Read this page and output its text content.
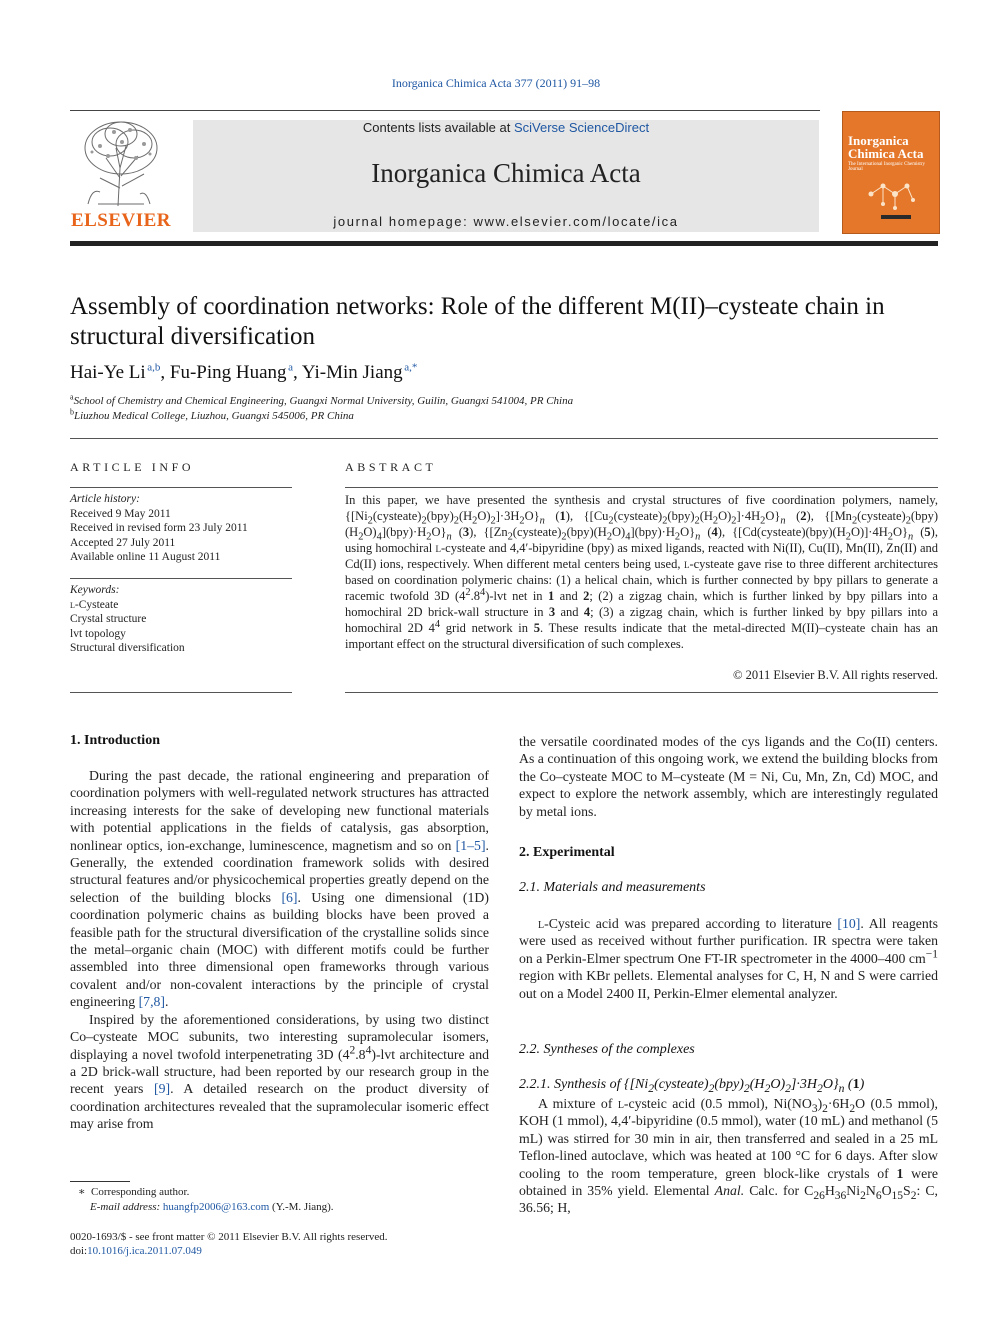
Inorganica Chimica Acta 377 (2011) 91–98
ELSEVIER
Contents lists available at SciVerse ScienceDirect
Inorganica Chimica Acta
journal homepage: www.elsevier.com/locate/ica
Inorganica Chimica Acta
The International Inorganic Chemistry Journal
Assembly of coordination networks: Role of the different M(II)–cysteate chain in structural diversification
Hai-Ye Li  $^{a,b}$, Fu-Ping Huang  $^a$, Yi-Min Jiang  $^{a,*}$
$^a$School of Chemistry and Chemical Engineering, Guangxi Normal University, Guilin, Guangxi 541004, PR China
$^b$Liuzhou Medical College, Liuzhou, Guangxi 545006, PR China
ARTICLE INFO
Article history:
Received 9 May 2011
Received in revised form 23 July 2011
Accepted 27 July 2011
Available online 11 August 2011
Keywords:
l-Cysteate
Crystal structure
lvt topology
Structural diversification
ABSTRACT
In this paper, we have presented the synthesis and crystal structures of five coordination polymers, namely, $\{[Ni_2(cysteate)_2(bpy)_2(H_2O)_2]\cdot 3H_2O\}_n$ (1), $\{[Cu_2(cysteate)_2(bpy)_2(H_2O)_2]\cdot 4H_2O\}_n$ (2), $\{[Mn_2(cysteate)_2(bpy)(H_2O)_4](bpy)\cdot H_2O\}_n$ (3), $\{[Zn_2(cysteate)_2(bpy)(H_2O)_4](bpy)\cdot H_2O\}_n$ (4), $\{[Cd(cysteate)(bpy)(H_2O)]\cdot 4H_2O\}_n$ (5), using homochiral l-cysteate and 4,4′-bipyridine (bpy) as mixed ligands, reacted with Ni(II), Cu(II), Mn(II), Zn(II) and Cd(II) ions, respectively. When different metal centers being used, l-cysteate gave rise to three different architectures based on coordination polymeric chains: (1) a helical chain, which is further connected by bpy pillars to generate a racemic twofold 3D $(4^2.8^4)$-lvt net in 1 and 2; (2) a zigzag chain, which is further linked by bpy pillars into a homochiral 2D brick-wall structure in 3 and 4; (3) a zigzag chain, which is further linked by bpy pillars into a homochiral 2D $4^4$ grid network in 5. These results indicate that the metal-directed M(II)–cysteate chain has an important effect on the structural diversification of such complexes.
© 2011 Elsevier B.V. All rights reserved.
1. Introduction

During the past decade, the rational engineering and preparation of coordination polymers with well-regulated network structures has attracted increasing interests for the sake of developing new functional materials with potential applications in the fields of catalysis, gas absorption, nonlinear optics, ion-exchange, luminescence, magnetism and so on [1–5]. Generally, the extended coordination framework solids with desired structural features and/or physicochemical properties greatly depend on the selection of the building blocks [6]. Using one dimensional (1D) coordination polymeric chains as building blocks have been proved a feasible path for the structural diversification of the crystalline solids since the metal–organic chain (MOC) with different motifs could be further assembled into three dimensional open frameworks through various covalent and/or non-covalent interactions by the principle of crystal engineering [7,8].

Inspired by the aforementioned considerations, by using two distinct Co–cysteate MOC subunits, two interesting supramolecular isomers, displaying a novel twofold interpenetrating 3D $(4^2.8^4)$-lvt architecture and a 2D brick-wall structure, had been reported by our research group in the recent years [9]. A detailed research on the product diversity of coordination architectures revealed that the supramolecular isomeric effect may arise from

∗  Corresponding author.
E-mail address: huangfp2006@163.com (Y.-M. Jiang).
0020-1693/$ - see front matter © 2011 Elsevier B.V. All rights reserved.
doi:10.1016/j.ica.2011.07.049

the versatile coordinated modes of the cys ligands and the Co(II) centers. As a continuation of this ongoing work, we extend the building blocks from the Co–cysteate MOC to M–cysteate (M = Ni, Cu, Mn, Zn, Cd) MOC, and expect to explore the network assembly, which are interestingly regulated by metal ions.

2. Experimental
2.1. Materials and measurements

l-Cysteic acid was prepared according to literature [10]. All reagents were used as received without further purification. IR spectra were taken on a Perkin-Elmer spectrum One FT-IR spectrometer in the 4000–400 $cm^{-1}$ region with KBr pellets. Elemental analyses for C, H, N and S were carried out on a Model 2400 II, Perkin-Elmer elemental analyzer.

2.2. Syntheses of the complexes
2.2.1. Synthesis of $\{[Ni_2(cysteate)_2(bpy)_2(H_2O)_2]\cdot 3H_2O\}_n$ (1)

A mixture of l-cysteic acid (0.5 mmol), $Ni(NO_3)_2\cdot 6H_2O$ (0.5 mmol), KOH (1 mmol), 4,4′-bipyridine (0.5 mmol), water (10 mL) and methanol (5 mL) was stirred for 30 min in air, then transferred and sealed in a 25 mL Teflon-lined autoclave, which was heated at 100 °C for 6 days. After slow cooling to the room temperature, green block-like crystals of 1 were obtained in 35% yield. Elemental Anal. Calc. for $C_{26}H_{36}Ni_2N_6O_{15}S_2$: C, 36.56; H,
